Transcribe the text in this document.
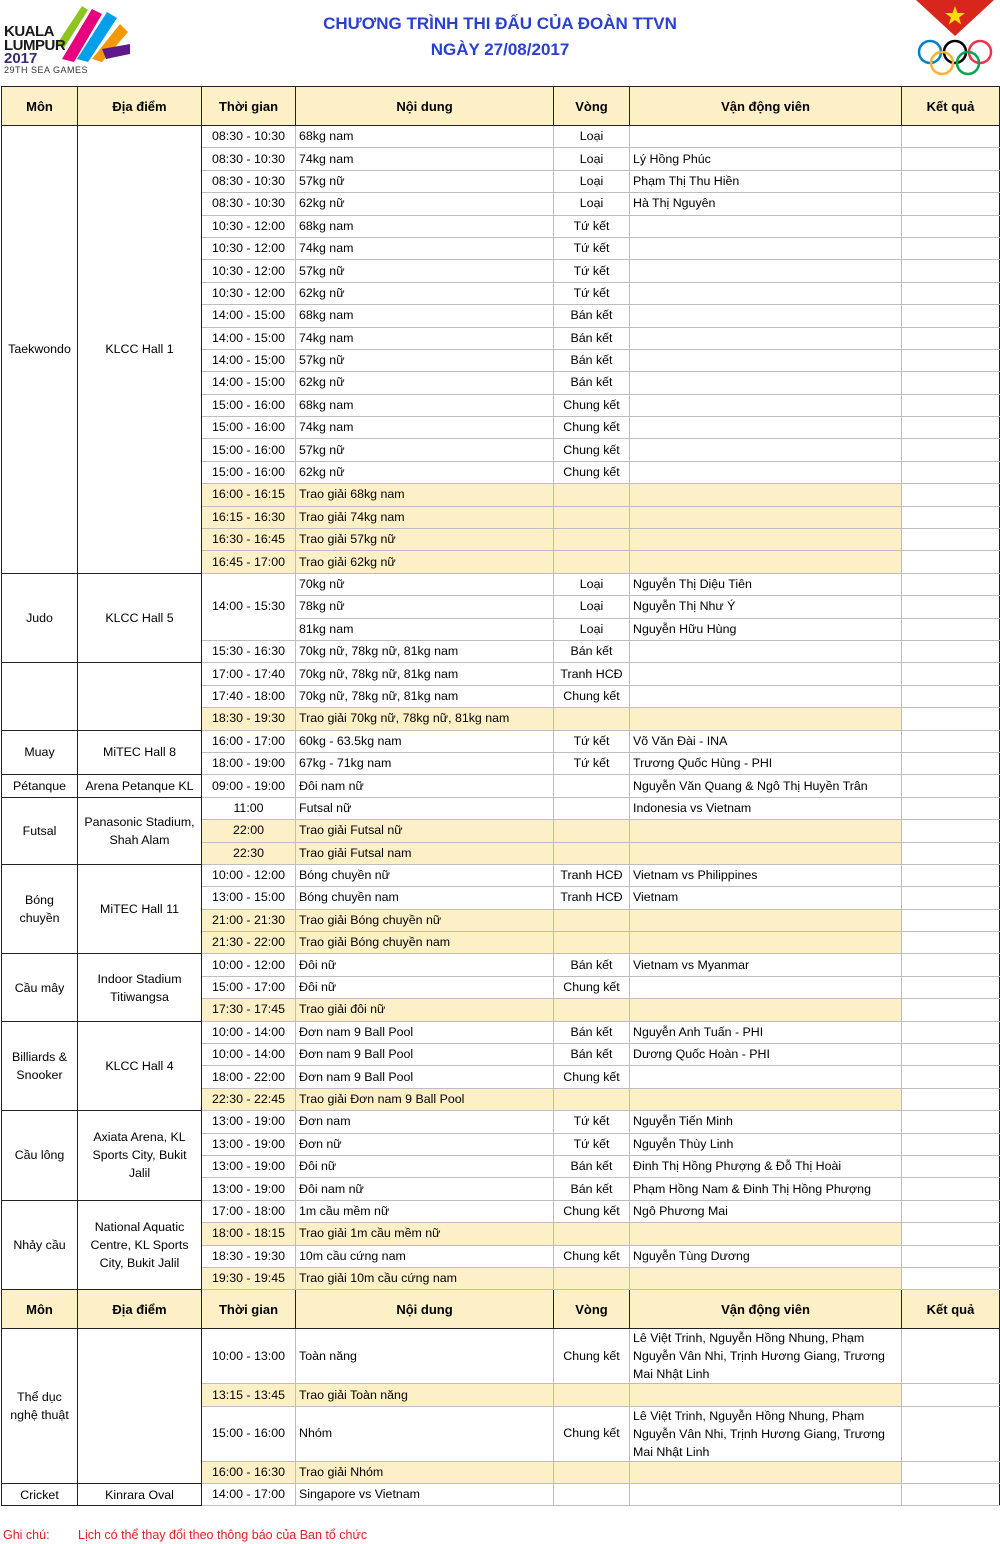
KUALA
LUMPUR
2017
29TH SEA GAMES
CHƯƠNG TRÌNH THI ĐẤU CỦA ĐOÀN TTVN
NGÀY 27/08/2017
Môn	Địa điểm	Thời gian	Nội dung	Vòng	Vận động viên	Kết quả
Taekwondo	KLCC Hall 1	08:30 - 10:30	68kg nam	Loại		
		08:30 - 10:30	74kg nam	Loại	Lý Hồng Phúc	
		08:30 - 10:30	57kg nữ	Loại	Phạm Thị Thu Hiền	
		08:30 - 10:30	62kg nữ	Loại	Hà Thị Nguyên	
		10:30 - 12:00	68kg nam	Tứ kết		
		10:30 - 12:00	74kg nam	Tứ kết		
		10:30 - 12:00	57kg nữ	Tứ kết		
		10:30 - 12:00	62kg nữ	Tứ kết		
		14:00 - 15:00	68kg nam	Bán kết		
		14:00 - 15:00	74kg nam	Bán kết		
		14:00 - 15:00	57kg nữ	Bán kết		
		14:00 - 15:00	62kg nữ	Bán kết		
		15:00 - 16:00	68kg nam	Chung kết		
		15:00 - 16:00	74kg nam	Chung kết		
		15:00 - 16:00	57kg nữ	Chung kết		
		15:00 - 16:00	62kg nữ	Chung kết		
		16:00 - 16:15	Trao giải 68kg nam			
		16:15 - 16:30	Trao giải 74kg nam			
		16:30 - 16:45	Trao giải 57kg nữ			
		16:45 - 17:00	Trao giải 62kg nữ			
Judo	KLCC Hall 5	14:00 - 15:30	70kg nữ	Loại	Nguyễn Thị Diệu Tiên	
			78kg nữ	Loại	Nguyễn Thị Như Ý	
			81kg nam	Loại	Nguyễn Hữu Hùng	
		15:30 - 16:30	70kg nữ, 78kg nữ, 81kg nam	Bán kết		
		17:00 - 17:40	70kg nữ, 78kg nữ, 81kg nam	Tranh HCĐ		
		17:40 - 18:00	70kg nữ, 78kg nữ, 81kg nam	Chung kết		
		18:30 - 19:30	Trao giải 70kg nữ, 78kg nữ, 81kg nam			
Muay	MiTEC Hall 8	16:00 - 17:00	60kg - 63.5kg nam	Tứ kết	Võ Văn Đài - INA	
		18:00 - 19:00	67kg - 71kg nam	Tứ kết	Trương Quốc Hùng - PHI	
Pétanque	Arena Petanque KL	09:00 - 19:00	Đôi nam nữ		Nguyễn Văn Quang & Ngô Thị Huyền Trân	
Futsal	Panasonic Stadium, Shah Alam	11:00	Futsal nữ		Indonesia vs Vietnam	
		22:00	Trao giải Futsal nữ			
		22:30	Trao giải Futsal nam			
Bóng chuyền	MiTEC Hall 11	10:00 - 12:00	Bóng chuyền nữ	Tranh HCĐ	Vietnam vs Philippines	
		13:00 - 15:00	Bóng chuyền nam	Tranh HCĐ	Vietnam	
		21:00 - 21:30	Trao giải Bóng chuyền nữ			
		21:30 - 22:00	Trao giải Bóng chuyền nam			
Cầu mây	Indoor Stadium Titiwangsa	10:00 - 12:00	Đôi nữ	Bán kết	Vietnam vs Myanmar	
		15:00 - 17:00	Đôi nữ	Chung kết		
		17:30 - 17:45	Trao giải đôi nữ			
Billiards & Snooker	KLCC Hall 4	10:00 - 14:00	Đơn nam 9 Ball Pool	Bán kết	Nguyễn Anh Tuấn - PHI	
		10:00 - 14:00	Đơn nam 9 Ball Pool	Bán kết	Dương Quốc Hoàn - PHI	
		18:00 - 22:00	Đơn nam 9 Ball Pool	Chung kết		
		22:30 - 22:45	Trao giải Đơn nam 9 Ball Pool			
Cầu lông	Axiata Arena, KL Sports City, Bukit Jalil	13:00 - 19:00	Đơn nam	Tứ kết	Nguyễn Tiến Minh	
		13:00 - 19:00	Đơn nữ	Tứ kết	Nguyễn Thùy Linh	
		13:00 - 19:00	Đôi nữ	Bán kết	Đinh Thị Hồng Phượng & Đỗ Thị Hoài	
		13:00 - 19:00	Đôi nam nữ	Bán kết	Phạm Hồng Nam & Đinh Thị Hồng Phượng	
Nhảy cầu	National Aquatic Centre, KL Sports City, Bukit Jalil	17:00 - 18:00	1m cầu mềm nữ	Chung kết	Ngô Phương Mai	
		18:00 - 18:15	Trao giải 1m cầu mềm nữ			
		18:30 - 19:30	10m cầu cứng nam	Chung kết	Nguyễn Tùng Dương	
		19:30 - 19:45	Trao giải 10m cầu cứng nam			
Môn	Địa điểm	Thời gian	Nội dung	Vòng	Vận động viên	Kết quả
Thể dục nghệ thuật		10:00 - 13:00	Toàn năng	Chung kết	Lê Việt Trinh, Nguyễn Hồng Nhung, Phạm Nguyễn Vân Nhi, Trịnh Hương Giang, Trương Mai Nhật Linh	
		13:15 - 13:45	Trao giải Toàn năng			
		15:00 - 16:00	Nhóm	Chung kết	Lê Việt Trinh, Nguyễn Hồng Nhung, Phạm Nguyễn Vân Nhi, Trịnh Hương Giang, Trương Mai Nhật Linh	
		16:00 - 16:30	Trao giải Nhóm			
Cricket	Kinrara Oval	14:00 - 17:00	Singapore vs Vietnam			
Ghi chú: Lịch có thể thay đổi theo thông báo của Ban tổ chức
